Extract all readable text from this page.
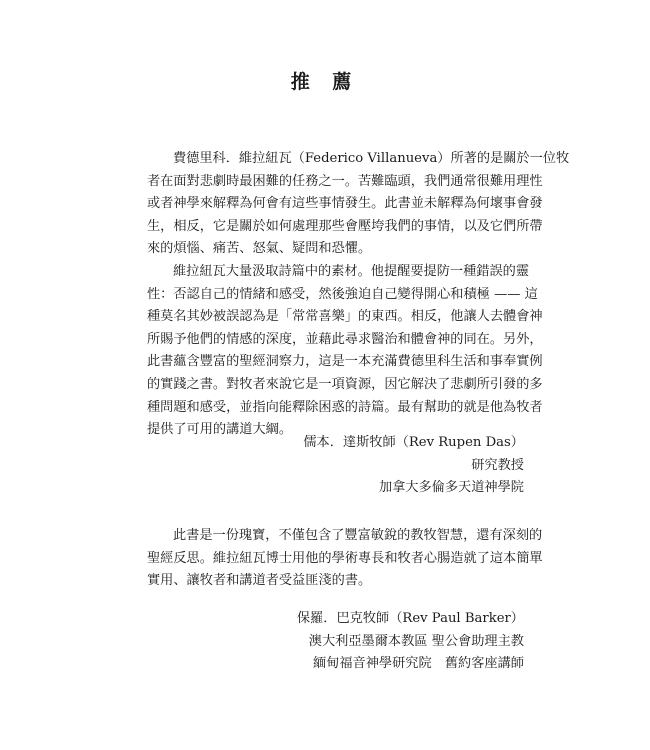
推 薦
費德里科．維拉紐瓦（Federico Villanueva）所著的是關於一位牧
者在面對悲劇時最困難的任務之一。苦難臨頭，我們通常很難用理性
或者神學來解釋為何會有這些事情發生。此書並未解釋為何壞事會發
生，相反，它是關於如何處理那些會壓垮我們的事情，以及它們所帶
來的煩惱、痛苦、怒氣、疑問和恐懼。
維拉紐瓦大量汲取詩篇中的素材。他提醒要提防一種錯誤的靈
性：否認自己的情緒和感受，然後強迫自己變得開心和積極 —— 這
種莫名其妙被誤認為是「常常喜樂」的東西。相反，他讓人去體會神
所賜予他們的情感的深度，並藉此尋求醫治和體會神的同在。另外，
此書蘊含豐富的聖經洞察力，這是一本充滿費德里科生活和事奉實例
的實踐之書。對牧者來說它是一項資源，因它解決了悲劇所引發的多
種問題和感受，並指向能釋除困惑的詩篇。最有幫助的就是他為牧者
提供了可用的講道大綱。
儒本．達斯牧師（Rev Rupen Das）
研究教授
加拿大多倫多天道神學院
此書是一份瑰寶，不僅包含了豐富敏銳的教牧智慧，還有深刻的
聖經反思。維拉紐瓦博士用他的學術專長和牧者心腸造就了這本簡單
實用、讓牧者和講道者受益匪淺的書。
保羅．巴克牧師（Rev Paul Barker）
澳大利亞墨爾本教區 聖公會助理主教
緬甸福音神學研究院　舊約客座講師
